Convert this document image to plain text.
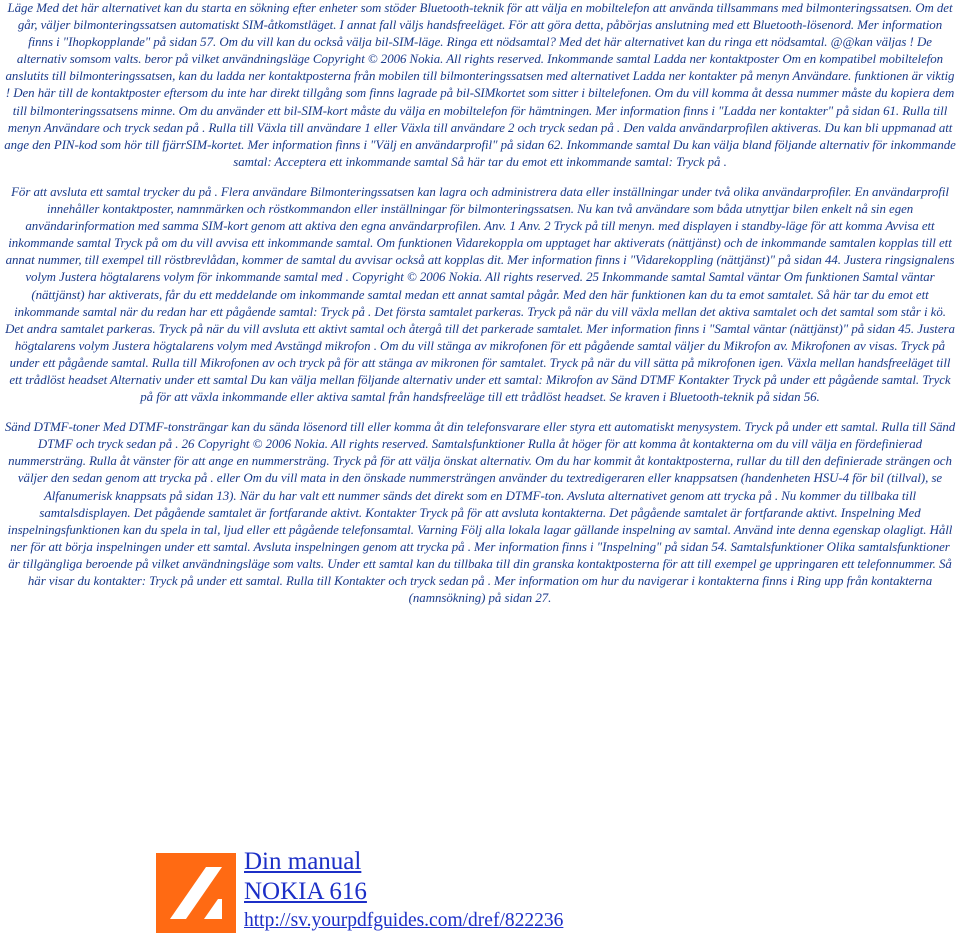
Läge Med det här alternativet kan du starta en sökning efter enheter som stöder Bluetooth-teknik för att välja en mobiltelefon att använda tillsammans med bilmonteringssatsen. Om det går, väljer bilmonteringssatsen automatiskt SIM-åtkomstläget. I annat fall väljs handsfreeläget. För att göra detta, påbörjas anslutning med ett Bluetooth-lösenord. Mer information finns i "Ihopkopplande" på sidan 57. Om du vill kan du också välja bil-SIM-läge. Ringa ett nödsamtal? Med det här alternativet kan du ringa ett nödsamtal. @@kan väljas ! De alternativ somsom valts. beror på vilket användningsläge Copyright © 2006 Nokia. All rights reserved. Inkommande samtal Ladda ner kontaktposter Om en kompatibel mobiltelefon anslutits till bilmonteringssatsen, kan du ladda ner kontaktposterna från mobilen till bilmonteringssatsen med alternativet Ladda ner kontakter på menyn Användare. funktionen är viktig ! Den här till de kontaktposter eftersom du inte har direkt tillgång som finns lagrade på bil-SIMkortet som sitter i biltelefonen. Om du vill komma åt dessa nummer måste du kopiera dem till bilmonteringssatsens minne. Om du använder ett bil-SIM-kort måste du välja en mobiltelefon för hämtningen. Mer information finns i "Ladda ner kontakter" på sidan 61. Rulla till menyn Användare och tryck sedan på . Rulla till Växla till användare 1 eller Växla till användare 2 och tryck sedan på . Den valda användarprofilen aktiveras. Du kan bli uppmanad att ange den PIN-kod som hör till fjärrSIM-kortet. Mer information finns i "Välj en användarprofil" på sidan 62. Inkommande samtal Du kan välja bland följande alternativ för inkommande samtal: Acceptera ett inkommande samtal Så här tar du emot ett inkommande samtal: Tryck på .

För att avsluta ett samtal trycker du på . Flera användare Bilmonteringssatsen kan lagra och administrera data eller inställningar under två olika användarprofiler. En användarprofil innehåller kontaktposter, namnmärken och röstkommandon eller inställningar för bilmonteringssatsen. Nu kan två användare som båda utnyttjar bilen enkelt nå sin egen användarinformation med samma SIM-kort genom att aktiva den egna användarprofilen. Anv. 1 Anv. 2 Tryck på till menyn. med displayen i standby-läge för att komma Avvisa ett inkommande samtal Tryck på om du vill avvisa ett inkommande samtal. Om funktionen Vidarekoppla om upptaget har aktiverats (nättjänst) och de inkommande samtalen kopplas till ett annat nummer, till exempel till röstbrevlådan, kommer de samtal du avvisar också att kopplas dit. Mer information finns i "Vidarekoppling (nättjänst)" på sidan 44. Justera ringsignalens volym Justera högtalarens volym för inkommande samtal med . Copyright © 2006 Nokia. All rights reserved. 25 Inkommande samtal Samtal väntar Om funktionen Samtal väntar (nättjänst) har aktiverats, får du ett meddelande om inkommande samtal medan ett annat samtal pågår. Med den här funktionen kan du ta emot samtalet. Så här tar du emot ett inkommande samtal när du redan har ett pågående samtal: Tryck på . Det första samtalet parkeras. Tryck på när du vill växla mellan det aktiva samtalet och det samtal som står i kö. Det andra samtalet parkeras. Tryck på när du vill avsluta ett aktivt samtal och återgå till det parkerade samtalet. Mer information finns i "Samtal väntar (nättjänst)" på sidan 45. Justera högtalarens volym Justera högtalarens volym med Avstängd mikrofon . Om du vill stänga av mikrofonen för ett pågående samtal väljer du Mikrofon av. Mikrofonen av visas. Tryck på under ett pågående samtal. Rulla till Mikrofonen av och tryck på för att stänga av mikronen för samtalet. Tryck på när du vill sätta på mikrofonen igen. Växla mellan handsfreeläget till ett trådlöst headset Alternativ under ett samtal Du kan välja mellan följande alternativ under ett samtal: Mikrofon av Sänd DTMF Kontakter Tryck på under ett pågående samtal. Tryck på för att växla inkommande eller aktiva samtal från handsfreeläge till ett trådlöst headset. Se kraven i Bluetooth-teknik på sidan 56.

Sänd DTMF-toner Med DTMF-tonsträngar kan du sända lösenord till eller komma åt din telefonsvarare eller styra ett automatiskt menysystem. Tryck på under ett samtal. Rulla till Sänd DTMF och tryck sedan på . 26 Copyright © 2006 Nokia. All rights reserved. Samtalsfunktioner Rulla åt höger för att komma åt kontakterna om du vill välja en fördefinierad nummersträng. Rulla åt vänster för att ange en nummersträng. Tryck på för att välja önskat alternativ. Om du har kommit åt kontaktposterna, rullar du till den definierade strängen och väljer den sedan genom att trycka på . eller Om du vill mata in den önskade nummersträngen använder du textredigeraren eller knappsatsen (handenheten HSU-4 för bil (tillval), se Alfanumerisk knappsats på sidan 13). När du har valt ett nummer sänds det direkt som en DTMF-ton. Avsluta alternativet genom att trycka på . Nu kommer du tillbaka till samtalsdisplayen. Det pågående samtalet är fortfarande aktivt. Kontakter Tryck på för att avsluta kontakterna. Det pågående samtalet är fortfarande aktivt. Inspelning Med inspelningsfunktionen kan du spela in tal, ljud eller ett pågående telefonsamtal. Varning Följ alla lokala lagar gällande inspelning av samtal. Använd inte denna egenskap olagligt. Håll ner för att börja inspelningen under ett samtal. Avsluta inspelningen genom att trycka på . Mer information finns i "Inspelning" på sidan 54. Samtalsfunktioner Olika samtalsfunktioner är tillgängliga beroende på vilket användningsläge som valts. Under ett samtal kan du tillbaka till din granska kontaktposterna för att till exempel ge uppringaren ett telefonnummer. Så här visar du kontakter: Tryck på under ett samtal. Rulla till Kontakter och tryck sedan på . Mer information om hur du navigerar i kontakterna finns i Ring upp från kontakterna (namnsökning) på sidan 27.

Din manual
NOKIA 616
http://sv.yourpdfguides.com/dref/822236
